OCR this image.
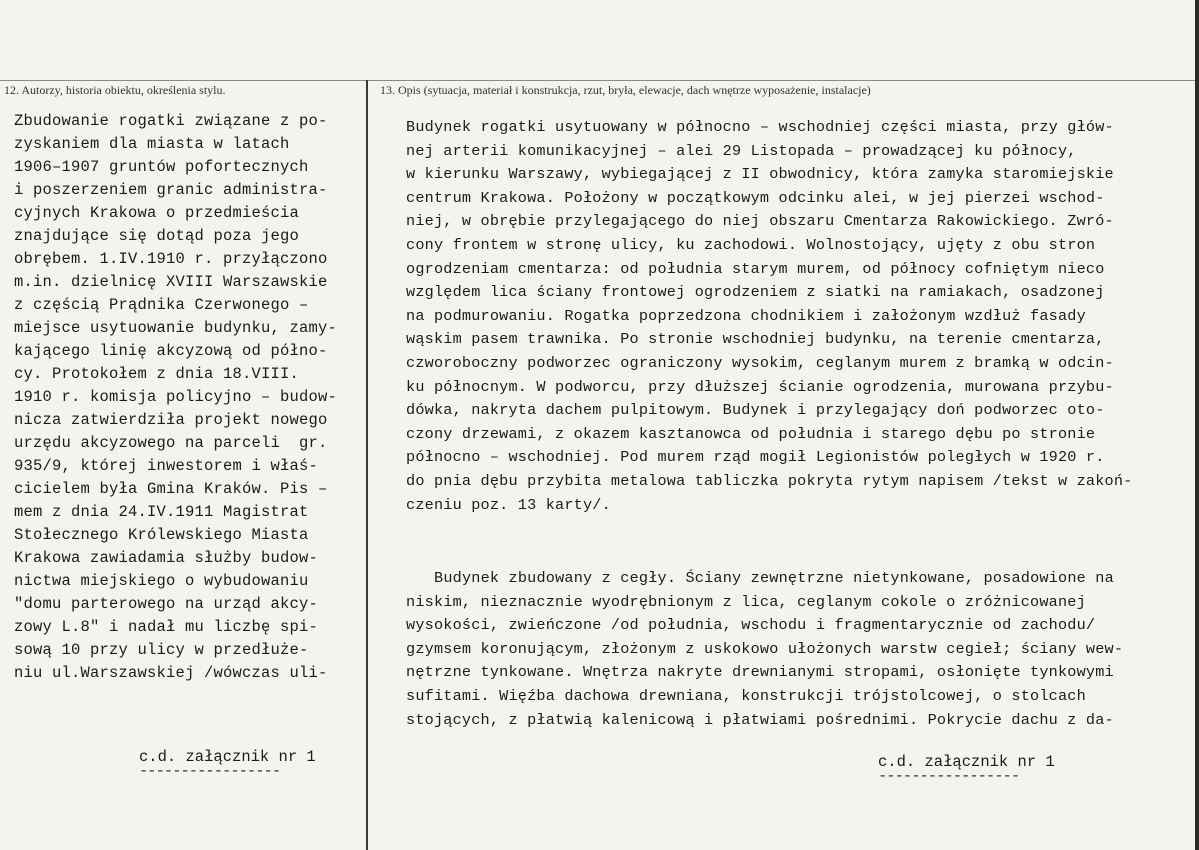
12. Autorzy, historia obiektu, określenia stylu.	13. Opis (sytuacja, materiał i konstrukcja, rzut, bryła, elewacje, dach wnętrze wyposażenie, instalacje)
Zbudowanie rogatki związane z po-
zyskaniem dla miasta w latach
1906–1907 gruntów pofortecznych
i poszerzeniem granic administra-
cyjnych Krakowa o przedmieścia
znajdujące się dotąd poza jego
obrębem. 1.IV.1910 r. przyłączono
m.in. dzielnicę XVIII Warszawskie
z częścią Prądnika Czerwonego –
miejsce usytuowanie budynku, zamy-
kającego linię akcyzową od półno-
cy. Protokołem z dnia 18.VIII.
1910 r. komisja policyjno – budow-
nicza zatwierdziła projekt nowego
urzędu akcyzowego na parceli  gr.
935/9, której inwestorem i właś-
cicielem była Gmina Kraków. Pis –
mem z dnia 24.IV.1911 Magistrat
Stołecznego Królewskiego Miasta
Krakowa zawiadamia służby budow-
nictwa miejskiego o wybudowaniu
"domu parterowego na urząd akcy-
zowy L.8" i nadał mu liczbę spi-
sową 10 przy ulicy w przedłuże-
niu ul.Warszawskiej /wówczas uli-
Budynek rogatki usytuowany w północno – wschodniej części miasta, przy głów-
nej arterii komunikacyjnej – alei 29 Listopada – prowadzącej ku północy,
w kierunku Warszawy, wybiegającej z II obwodnicy, która zamyka staromiejskie
centrum Krakowa. Położony w początkowym odcinku alei, w jej pierzei wschod-
niej, w obrębie przylegającego do niej obszaru Cmentarza Rakowickiego. Zwró-
cony frontem w stronę ulicy, ku zachodowi. Wolnostojący, ujęty z obu stron
ogrodzeniam cmentarza: od południa starym murem, od północy cofniętym nieco
względem lica ściany frontowej ogrodzeniem z siatki na ramiakach, osadzonej
na podmurowaniu. Rogatka poprzedzona chodnikiem i założonym wzdłuż fasady
wąskim pasem trawnika. Po stronie wschodniej budynku, na terenie cmentarza,
czworoboczny podworzec ograniczony wysokim, ceglanym murem z bramką w odcin-
ku północnym. W podworcu, przy dłuższej ścianie ogrodzenia, murowana przybu-
dówka, nakryta dachem pulpitowym. Budynek i przylegający doń podworzec oto-
czony drzewami, z okazem kasztanowca od południa i starego dębu po stronie
północno – wschodniej. Pod murem rząd mogił Legionistów poległych w 1920 r.
do pnia dębu przybita metalowa tabliczka pokryta rytym napisem /tekst w zakoń-
czeniu poz. 13 karty/.
Budynek zbudowany z cegły. Ściany zewnętrzne nietynkowane, posadowione na
niskim, nieznacznie wyodrębnionym z lica, ceglanym cokole o zróżnicowanej
wysokości, zwieńczone /od południa, wschodu i fragmentarycznie od zachodu/
gzymsem koronującym, złożonym z uskokowo ułożonych warstw cegieł; ściany wew-
nętrzne tynkowane. Wnętrza nakryte drewnianymi stropami, osłonięte tynkowymi
sufitami. Więźba dachowa drewniana, konstrukcji trójstolcowej, o stolcach
stojących, z płatwią kalenicową i płatwiami pośrednimi. Pokrycie dachu z da-
c.d. załącznik nr 1
-----------------	c.d. załącznik nr 1
-----------------
